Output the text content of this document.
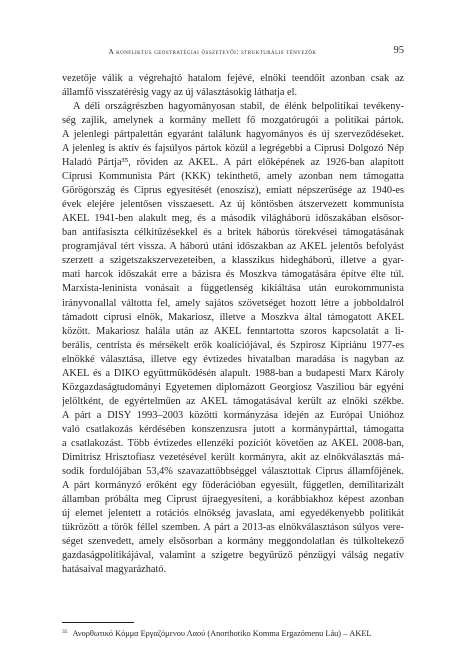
A konfliktus geostratégiai összetevői: strukturális tényezők	95
vezetője válik a végrehajtó hatalom fejévé, elnöki teendőit azonban csak az
államfő visszatérésig vagy az új választásokig láthatja el.
A déli országrészben hagyományosan stabil, de élénk belpolitikai tevékeny-
ség zajlik, amelynek a kormány mellett fő mozgatórugói a politikai pártok.
A jelenlegi pártpalettán egyaránt találunk hagyományos és új szerveződéseket.
A jelenleg is aktív és fajsúlyos pártok közül a legrégebbi a Ciprusi Dolgozó Nép
Haladó Pártja³⁵, röviden az AKEL. A párt előképének az 1926-ban alapított
Ciprusi Kommunista Párt (KKK) tekinthető, amely azonban nem támogatta
Görögország és Ciprus egyesítését (enoszisz), emiatt népszerűsége az 1940-es
évek elejére jelentősen visszaesett. Az új köntösben átszervezett kommunista
AKEL 1941-ben alakult meg, és a második világháború időszakában elsősor-
ban antifasiszta célkitűzésekkel és a britek háborús törekvései támogatásának
programjával tért vissza. A háború utáni időszakban az AKEL jelentős befolyást
szerzett a szigetszakszervezeteiben, a klasszikus hidegháború, illetve a gyar-
mati harcok időszakát erre a bázisra és Moszkva támogatására építve élte túl.
Marxista-leninista vonásait a függetlenség kikiáltása után eurokommunista
irányvonallal váltotta fel, amely sajátos szövetséget hozott létre a jobboldalról
támadott ciprusi elnök, Makariosz, illetve a Moszkva által támogatott AKEL
között. Makariosz halála után az AKEL fenntartotta szoros kapcsolatát a li-
berális, centrista és mérsékelt erők koalíciójával, és Szpirosz Kipriánu 1977-es
elnökké választása, illetve egy évtizedes hivatalban maradása is nagyban az
AKEL és a DIKO együttműködésén alapult. 1988-ban a budapesti Marx Károly
Közgazdaságtudományi Egyetemen diplomázott Georgiosz Vasziliou bár egyéni
jelöltként, de egyértelműen az AKEL támogatásával került az elnöki székbe.
A párt a DISY 1993–2003 közötti kormányzása idején az Európai Unióhoz
való csatlakozás kérdésében konszenzusra jutott a kormánypárttal, támogatta
a csatlakozást. Több évtizedes ellenzéki pozíciót követően az AKEL 2008-ban,
Dimitrisz Hrisztofiasz vezetésével került kormányra, akit az elnökválasztás má-
sodik fordulójában 53,4% szavazattöbbséggel választottak Ciprus államfőjének.
A párt kormányzó erőként egy föderációban egyesült, független, demilitarizált
államban próbálta meg Ciprust újraegyesíteni, a korábbiakhoz képest azonban
új elemet jelentett a rotációs elnökség javaslata, ami egyedékenyebb politikát
tükrözött a török féllel szemben. A párt a 2013-as elnökválasztáson súlyos vere-
séget szenvedett, amely elsősorban a kormány meggondolatlan és túlkoltekező
gazdaságpolitikájával, valamint a szigetre begyűrűző pénzügyi válság negatív
hatásaival magyarázható.
$^{35}$ Ανορθωτικό Κόμμα Εργαζόμενου Λαού (Anorthotiko Komma Ergazómenu Láu) – AKEL
